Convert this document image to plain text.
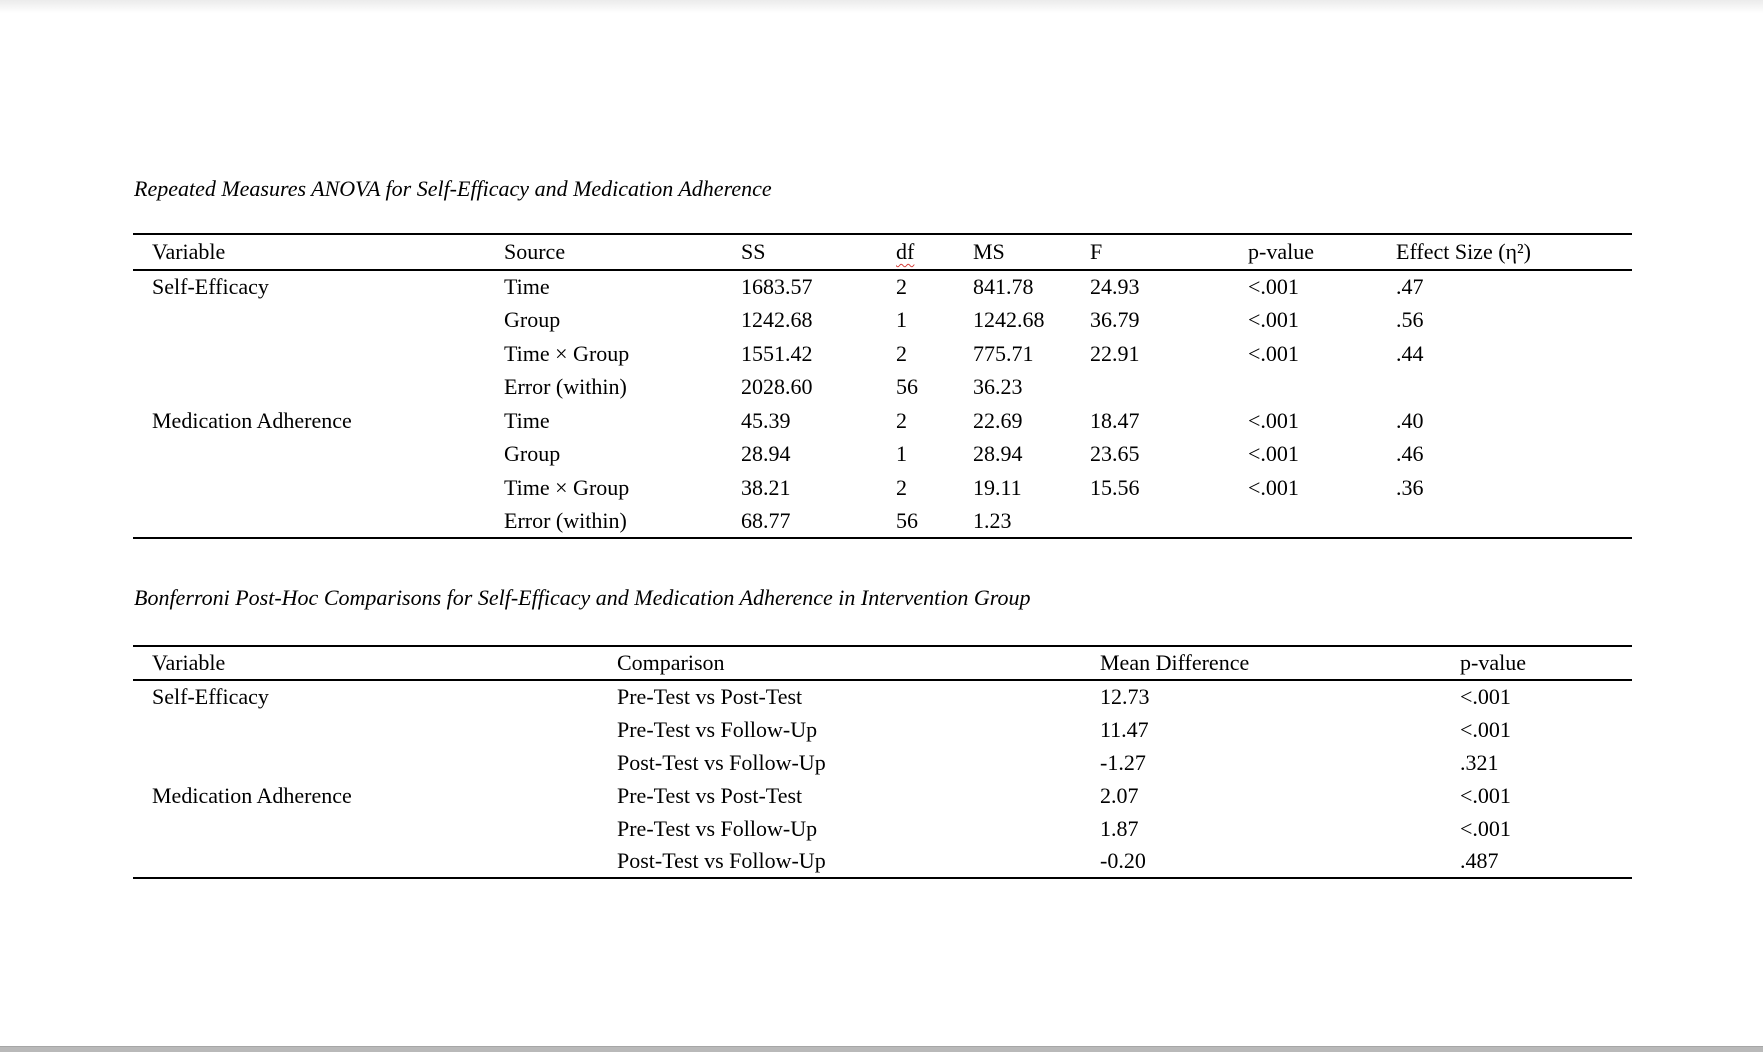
Repeated Measures ANOVA for Self-Efficacy and Medication Adherence
Variable	Source	SS	df	MS	F	p-value	Effect Size (η²)
Self-Efficacy	Time	1683.57	2	841.78	24.93	<.001	.47
	Group	1242.68	1	1242.68	36.79	<.001	.56
	Time × Group	1551.42	2	775.71	22.91	<.001	.44
	Error (within)	2028.60	56	36.23			
Medication Adherence	Time	45.39	2	22.69	18.47	<.001	.40
	Group	28.94	1	28.94	23.65	<.001	.46
	Time × Group	38.21	2	19.11	15.56	<.001	.36
	Error (within)	68.77	56	1.23			
Bonferroni Post-Hoc Comparisons for Self-Efficacy and Medication Adherence in Intervention Group
Variable	Comparison	Mean Difference	p-value
Self-Efficacy	Pre-Test vs Post-Test	12.73	<.001
	Pre-Test vs Follow-Up	11.47	<.001
	Post-Test vs Follow-Up	-1.27	.321
Medication Adherence	Pre-Test vs Post-Test	2.07	<.001
	Pre-Test vs Follow-Up	1.87	<.001
	Post-Test vs Follow-Up	-0.20	.487
